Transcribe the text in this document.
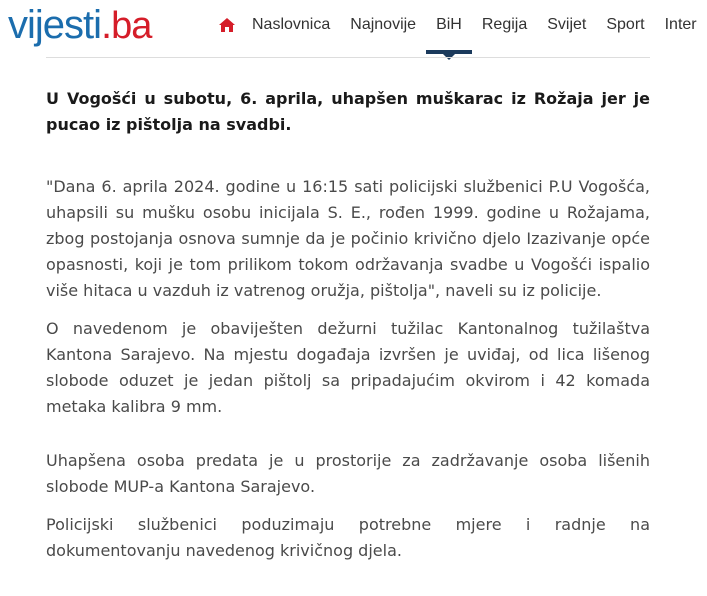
vijesti.ba	Naslovnica	Najnovije	BiH	Regija	Svijet	Sport	Inter

U Vogošći u subotu, 6. aprila, uhapšen muškarac iz Rožaja jer je pucao iz pištolja na svadbi.

"Dana 6. aprila 2024. godine u 16:15 sati policijski službenici P.U Vogošća, uhapsili su mušku osobu inicijala S. E., rođen 1999. godine u Rožajama, zbog postojanja osnova sumnje da je počinio krivično djelo Izazivanje opće opasnosti, koji je tom prilikom tokom održavanja svadbe u Vogošći ispalio više hitaca u vazduh iz vatrenog oružja, pištolja", naveli su iz policije.

O navedenom je obaviješten dežurni tužilac Kantonalnog tužilaštva Kantona Sarajevo. Na mjestu događaja izvršen je uviđaj, od lica lišenog slobode oduzet je jedan pištolj sa pripadajućim okvirom i 42 komada metaka kalibra 9 mm.

Uhapšena osoba predata je u prostorije za zadržavanje osoba lišenih slobode MUP-a Kantona Sarajevo.

Policijski službenici poduzimaju potrebne mjere i radnje na dokumentovanju navedenog krivičnog djela.
